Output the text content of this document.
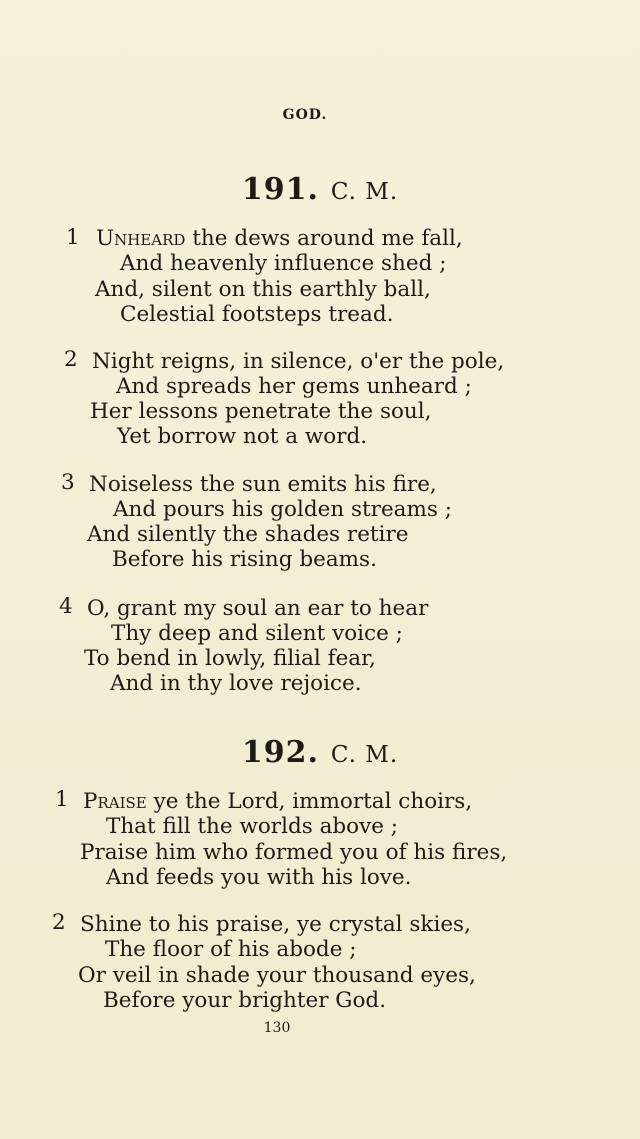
GOD.
191. C. M.
1 Unheard the dews around me fall,
And heavenly influence shed ;
And, silent on this earthly ball,
Celestial footsteps tread.
2 Night reigns, in silence, o'er the pole,
And spreads her gems unheard ;
Her lessons penetrate the soul,
Yet borrow not a word.
3 Noiseless the sun emits his fire,
And pours his golden streams ;
And silently the shades retire
Before his rising beams.
4 O, grant my soul an ear to hear
Thy deep and silent voice ;
To bend in lowly, filial fear,
And in thy love rejoice.
192. C. M.
1 Praise ye the Lord, immortal choirs,
That fill the worlds above ;
Praise him who formed you of his fires,
And feeds you with his love.
2 Shine to his praise, ye crystal skies,
The floor of his abode ;
Or veil in shade your thousand eyes,
Before your brighter God.
130
